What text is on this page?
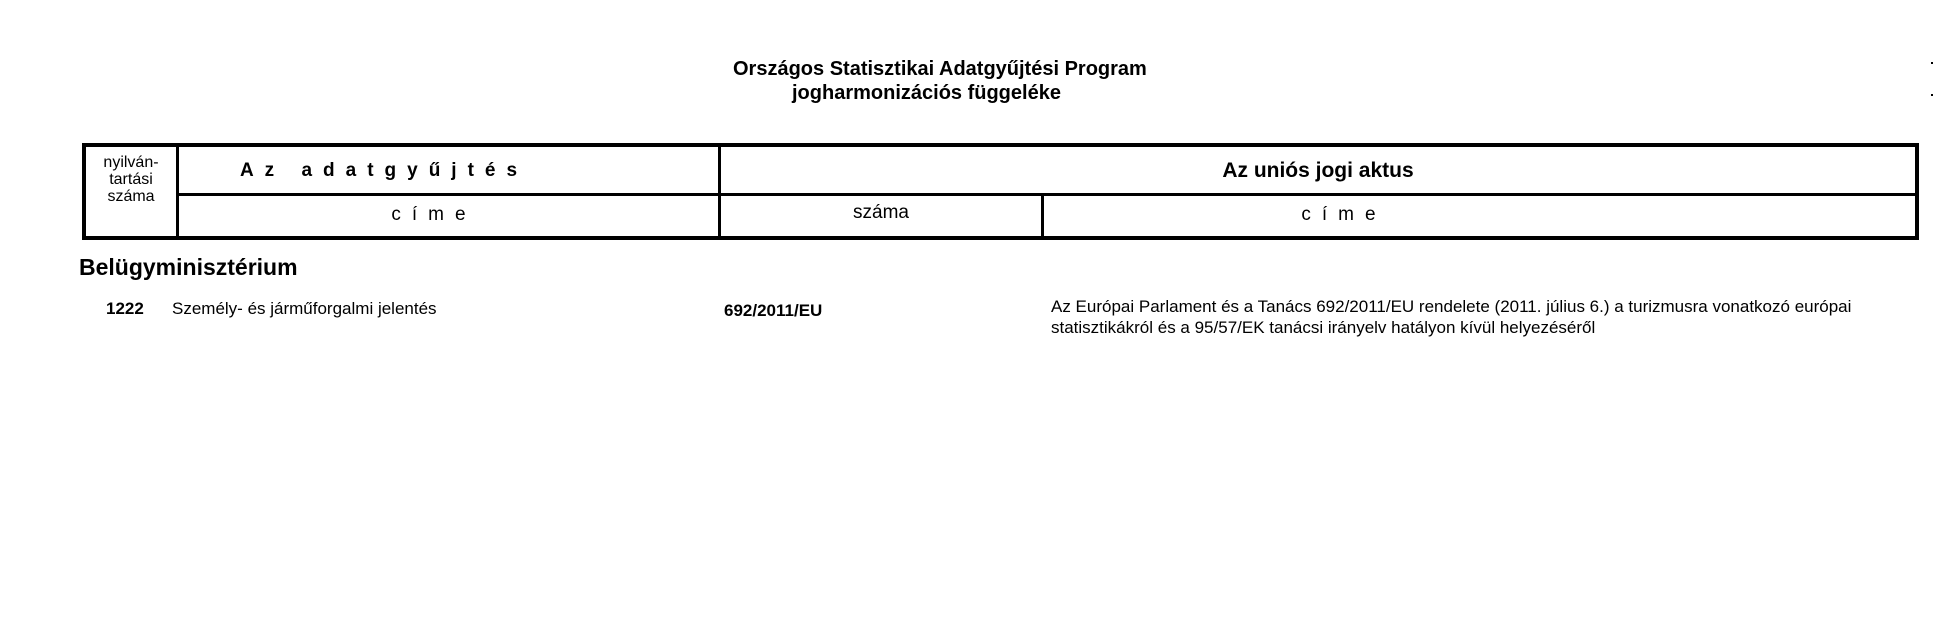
Országos Statisztikai Adatgyűjtési Program
jogharmonizációs függeléke
nyilván-
tartási
száma
Az adatgyűjtés
címe
Az uniós jogi aktus
száma	címe
Belügyminisztérium
1222 Személy- és járműforgalmi jelentés	692/2011/EU	Az Európai Parlament és a Tanács 692/2011/EU rendelete (2011. július 6.) a turizmusra vonatkozó európai statisztikákról és a 95/57/EK tanácsi irányelv hatályon kívül helyezéséről
